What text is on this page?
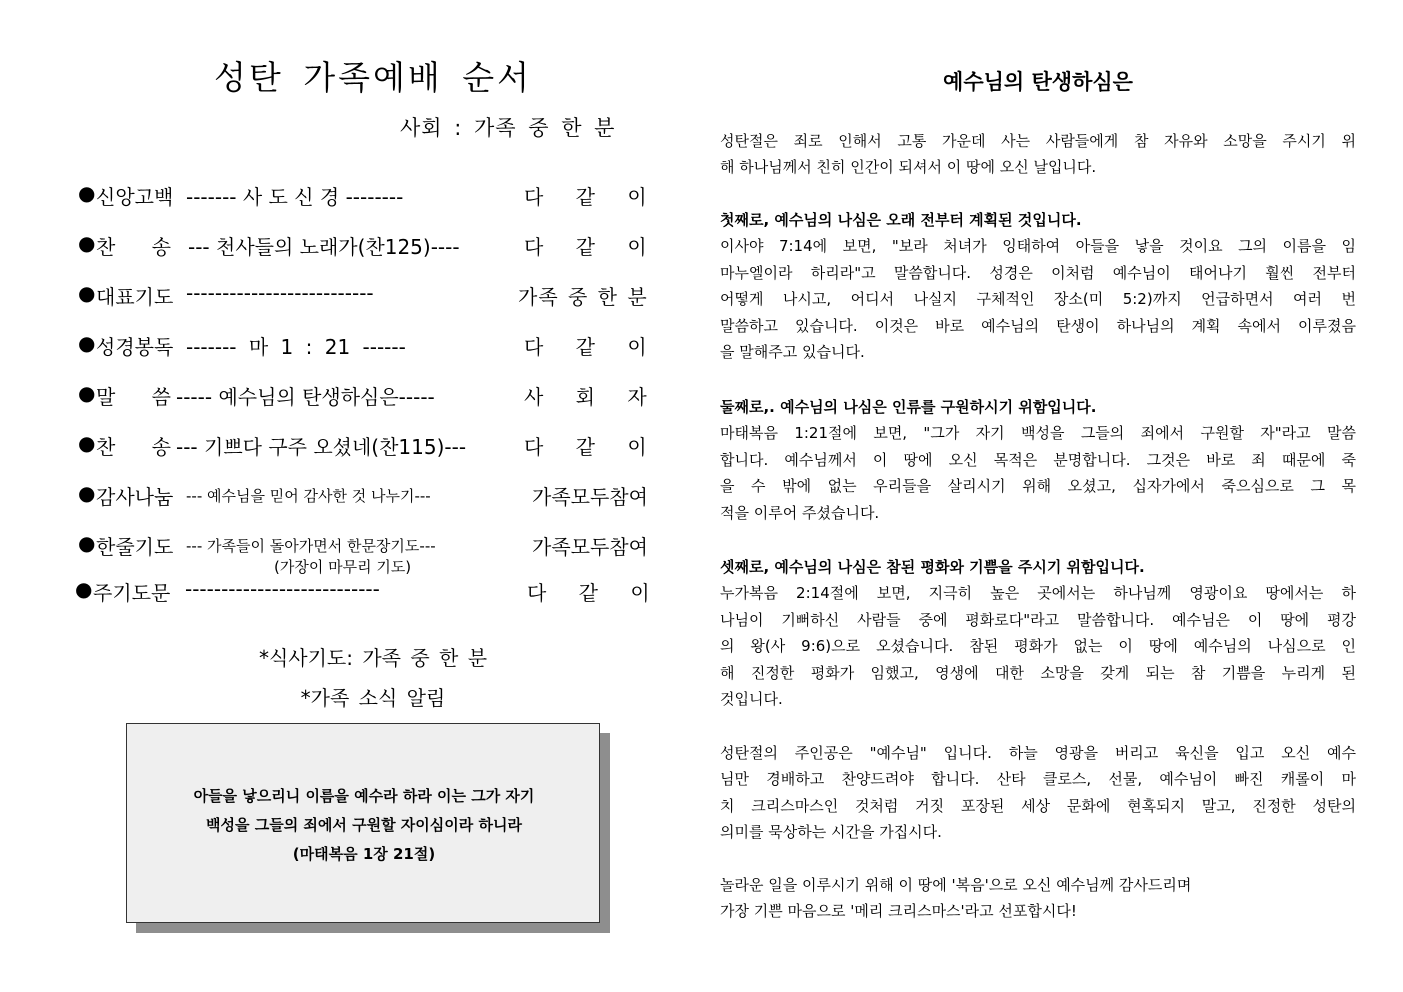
성탄 가족예배 순서
사회 : 가족 중 한 분
● 신앙고백 ------- 사 도 신 경 --------	다 같 이
● 찬 송 --- 천사들의 노래가(찬125)----	다 같 이
● 대표기도 --------------------------	가족 중 한 분
● 성경봉독 ------- 마 1 : 21 ------	다 같 이
● 말 씀 ----- 예수님의 탄생하심은-----	사 회 자
● 찬 송 --- 기쁘다 구주 오셨네(찬115)---	다 같 이
● 감사나눔 --- 예수님을 믿어 감사한 것 나누기---	가족모두참여
● 한줄기도 --- 가족들이 돌아가면서 한문장기도---	가족모두참여
(가장이 마무리 기도)
● 주기도문 ---------------------------	다 같 이
*식사기도: 가족 중 한 분
*가족 소식 알림
아들을 낳으리니 이름을 예수라 하라 이는 그가 자기
백성을 그들의 죄에서 구원할 자이심이라 하니라
(마태복음 1장 21절)
예수님의 탄생하심은
성탄절은 죄로 인해서 고통 가운데 사는 사람들에게 참 자유와 소망을 주시기 위
해 하나님께서 친히 인간이 되셔서 이 땅에 오신 날입니다.
첫째로, 예수님의 나심은 오래 전부터 계획된 것입니다.
이사야 7:14에 보면, "보라 처녀가 잉태하여 아들을 낳을 것이요 그의 이름을 임
마누엘이라 하리라"고 말씀합니다. 성경은 이처럼 예수님이 태어나기 훨씬 전부터
어떻게 나시고, 어디서 나실지 구체적인 장소(미 5:2)까지 언급하면서 여러 번
말씀하고 있습니다. 이것은 바로 예수님의 탄생이 하나님의 계획 속에서 이루졌음
을 말해주고 있습니다.
둘째로,. 예수님의 나심은 인류를 구원하시기 위함입니다.
마태복음 1:21절에 보면, "그가 자기 백성을 그들의 죄에서 구원할 자"라고 말씀
합니다. 예수님께서 이 땅에 오신 목적은 분명합니다. 그것은 바로 죄 때문에 죽
을 수 밖에 없는 우리들을 살리시기 위해 오셨고, 십자가에서 죽으심으로 그 목
적을 이루어 주셨습니다.
셋째로, 예수님의 나심은 참된 평화와 기쁨을 주시기 위함입니다.
누가복음 2:14절에 보면, 지극히 높은 곳에서는 하나님께 영광이요 땅에서는 하
나님이 기뻐하신 사람들 중에 평화로다"라고 말씀합니다. 예수님은 이 땅에 평강
의 왕(사 9:6)으로 오셨습니다. 참된 평화가 없는 이 땅에 예수님의 나심으로 인
해 진정한 평화가 임했고, 영생에 대한 소망을 갖게 되는 참 기쁨을 누리게 된
것입니다.
성탄절의 주인공은 "예수님" 입니다. 하늘 영광을 버리고 육신을 입고 오신 예수
님만 경배하고 찬양드려야 합니다. 산타 클로스, 선물, 예수님이 빠진 캐롤이 마
치 크리스마스인 것처럼 거짓 포장된 세상 문화에 현혹되지 말고, 진정한 성탄의
의미를 묵상하는 시간을 가집시다.
놀라운 일을 이루시기 위해 이 땅에 '복음'으로 오신 예수님께 감사드리며
가장 기쁜 마음으로 '메리 크리스마스'라고 선포합시다!
